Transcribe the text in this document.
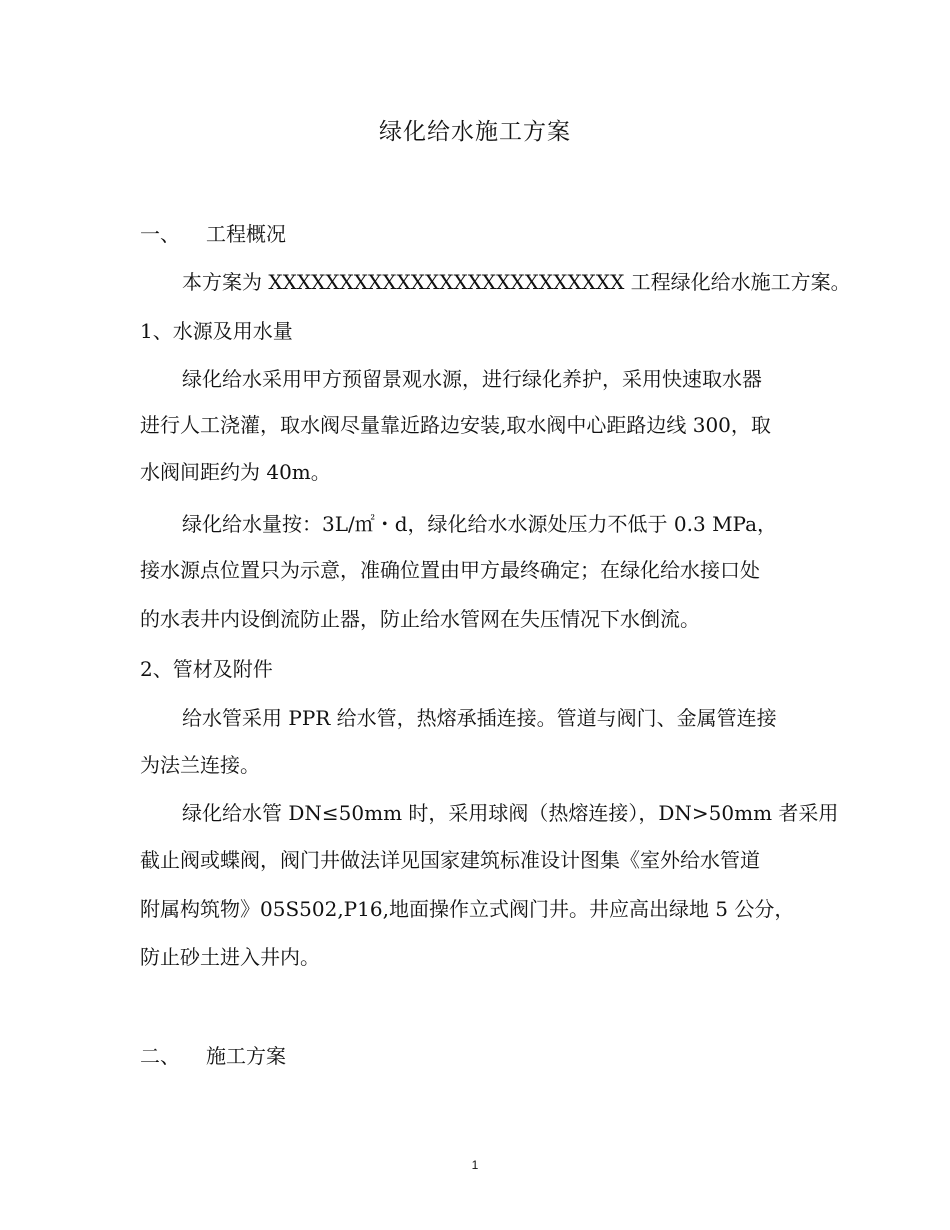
绿化给水施工方案
一、 工程概况
本方案为 XXXXXXXXXXXXXXXXXXXXXXXXX 工程绿化给水施工方案。
1、水源及用水量
绿化给水采用甲方预留景观水源，进行绿化养护，采用快速取水器
进行人工浇灌，取水阀尽量靠近路边安装,取水阀中心距路边线 300，取
水阀间距约为 40m。
绿化给水量按：3L/㎡・d，绿化给水水源处压力不低于 0.3 MPa，
接水源点位置只为示意，准确位置由甲方最终确定；在绿化给水接口处
的水表井内设倒流防止器，防止给水管网在失压情况下水倒流。
2、管材及附件
给水管采用 PPR 给水管，热熔承插连接。管道与阀门、金属管连接
为法兰连接。
绿化给水管 DN≤50mm 时，采用球阀（热熔连接），DN>50mm 者采用
截止阀或蝶阀，阀门井做法详见国家建筑标准设计图集《室外给水管道
附属构筑物》05S502,P16,地面操作立式阀门井。井应高出绿地 5 公分，
防止砂土进入井内。
二、 施工方案
1
